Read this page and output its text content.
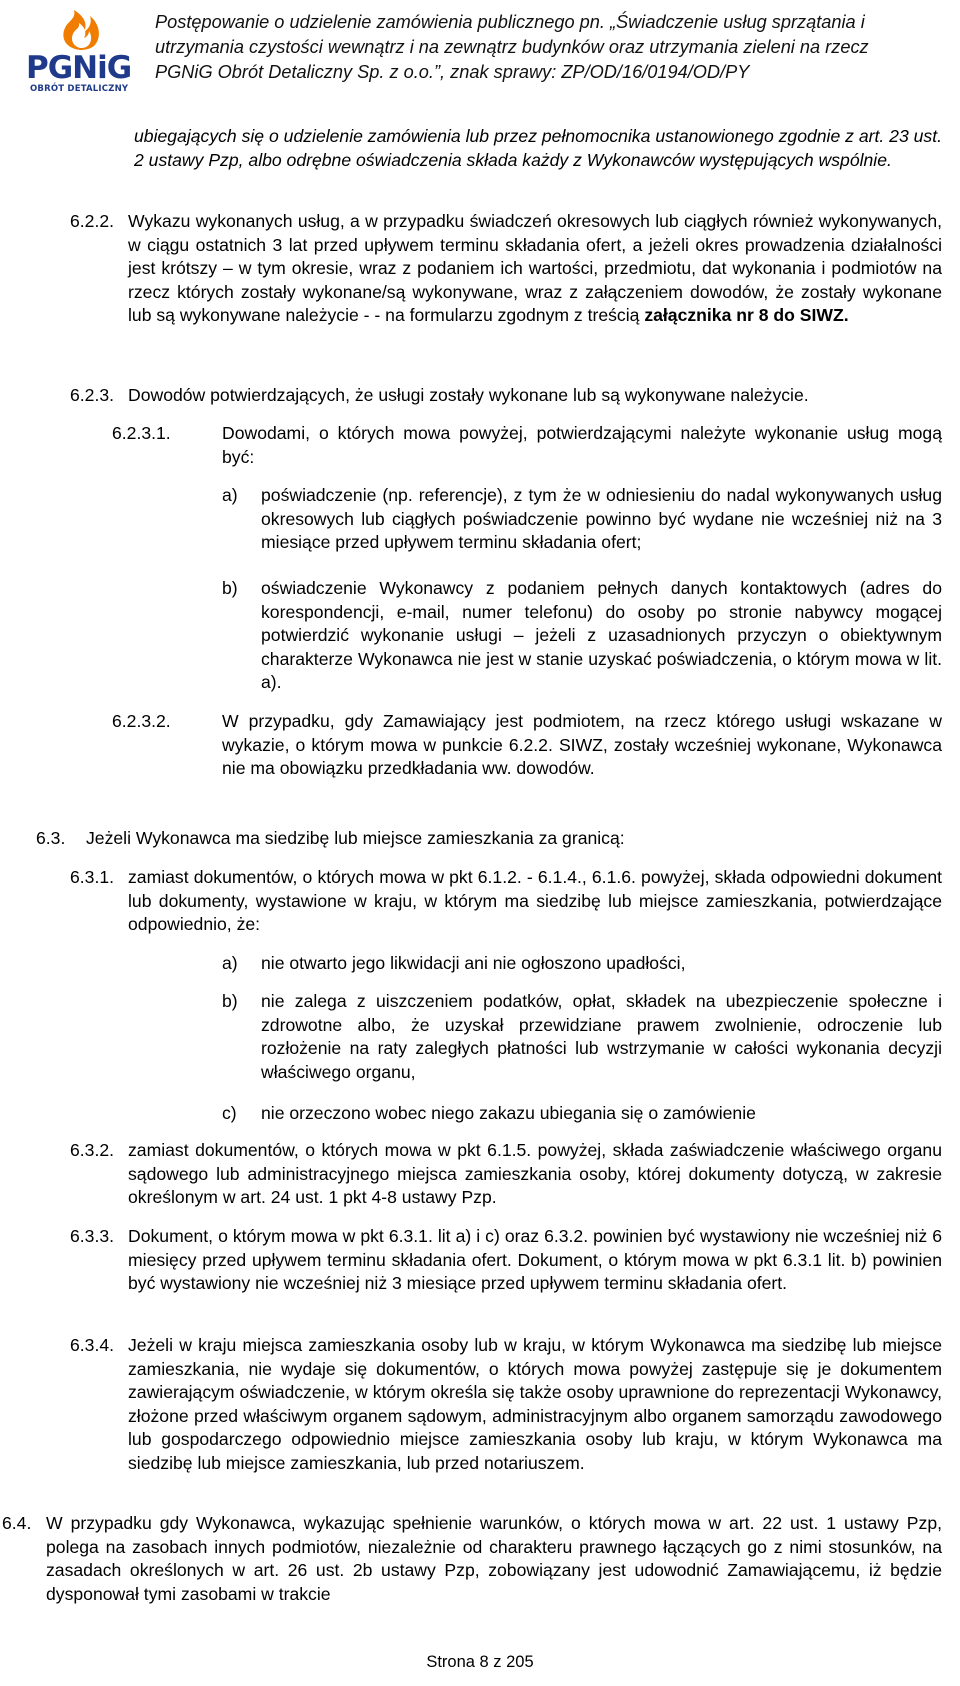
PGNiG
OBRÓT DETALICZNY
Postępowanie o udzielenie zamówienia publicznego pn. „Świadczenie usług sprzątania i
utrzymania czystości wewnątrz i na zewnątrz budynków oraz utrzymania zieleni na rzecz
PGNiG Obrót Detaliczny Sp. z o.o.”, znak sprawy: ZP/OD/16/0194/OD/PY
ubiegających się o udzielenie zamówienia lub przez pełnomocnika ustanowionego zgodnie z art. 23 ust. 2 ustawy Pzp, albo odrębne oświadczenia składa każdy z Wykonawców występujących wspólnie.
6.2.2. Wykazu wykonanych usług, a w przypadku świadczeń okresowych lub ciągłych również wykonywanych, w ciągu ostatnich 3 lat przed upływem terminu składania ofert, a jeżeli okres prowadzenia działalności jest krótszy – w tym okresie, wraz z podaniem ich wartości, przedmiotu, dat wykonania i podmiotów na rzecz których zostały wykonane/są wykonywane, wraz z załączeniem dowodów, że zostały wykonane lub są wykonywane należycie - - na formularzu zgodnym z treścią załącznika nr 8 do SIWZ.
6.2.3. Dowodów potwierdzających, że usługi zostały wykonane lub są wykonywane należycie.
6.2.3.1.	Dowodami, o których mowa powyżej, potwierdzającymi należyte wykonanie usług mogą być:
a) poświadczenie (np. referencje), z tym że w odniesieniu do nadal wykonywanych usług okresowych lub ciągłych poświadczenie powinno być wydane nie wcześniej niż na 3 miesiące przed upływem terminu składania ofert;
b) oświadczenie Wykonawcy z podaniem pełnych danych kontaktowych (adres do korespondencji, e-mail, numer telefonu) do osoby po stronie nabywcy mogącej potwierdzić wykonanie usługi – jeżeli z uzasadnionych przyczyn o obiektywnym charakterze Wykonawca nie jest w stanie uzyskać poświadczenia, o którym mowa w lit. a).
6.2.3.2.	W przypadku, gdy Zamawiający jest podmiotem, na rzecz którego usługi wskazane w wykazie, o którym mowa w punkcie 6.2.2. SIWZ, zostały wcześniej wykonane, Wykonawca nie ma obowiązku przedkładania ww. dowodów.
6.3. Jeżeli Wykonawca ma siedzibę lub miejsce zamieszkania za granicą:
6.3.1. zamiast dokumentów, o których mowa w pkt 6.1.2. - 6.1.4., 6.1.6. powyżej, składa odpowiedni dokument lub dokumenty, wystawione w kraju, w którym ma siedzibę lub miejsce zamieszkania, potwierdzające odpowiednio, że:
a) nie otwarto jego likwidacji ani nie ogłoszono upadłości,
b) nie zalega z uiszczeniem podatków, opłat, składek na ubezpieczenie społeczne i zdrowotne albo, że uzyskał przewidziane prawem zwolnienie, odroczenie lub rozłożenie na raty zaległych płatności lub wstrzymanie w całości wykonania decyzji właściwego organu,
c) nie orzeczono wobec niego zakazu ubiegania się o zamówienie
6.3.2. zamiast dokumentów, o których mowa w pkt 6.1.5. powyżej, składa zaświadczenie właściwego organu sądowego lub administracyjnego miejsca zamieszkania osoby, której dokumenty dotyczą, w zakresie określonym w art. 24 ust. 1 pkt 4-8 ustawy Pzp.
6.3.3. Dokument, o którym mowa w pkt 6.3.1. lit a) i c) oraz 6.3.2. powinien być wystawiony nie wcześniej niż 6 miesięcy przed upływem terminu składania ofert. Dokument, o którym mowa w pkt 6.3.1 lit. b) powinien być wystawiony nie wcześniej niż 3 miesiące przed upływem terminu składania ofert.
6.3.4. Jeżeli w kraju miejsca zamieszkania osoby lub w kraju, w którym Wykonawca ma siedzibę lub miejsce zamieszkania, nie wydaje się dokumentów, o których mowa powyżej zastępuje się je dokumentem zawierającym oświadczenie, w którym określa się także osoby uprawnione do reprezentacji Wykonawcy, złożone przed właściwym organem sądowym, administracyjnym albo organem samorządu zawodowego lub gospodarczego odpowiednio miejsce zamieszkania osoby lub kraju, w którym Wykonawca ma siedzibę lub miejsce zamieszkania, lub przed notariuszem.
6.4. W przypadku gdy Wykonawca, wykazując spełnienie warunków, o których mowa w art. 22 ust. 1 ustawy Pzp, polega na zasobach innych podmiotów, niezależnie od charakteru prawnego łączących go z nimi stosunków, na zasadach określonych w art. 26 ust. 2b ustawy Pzp, zobowiązany jest udowodnić Zamawiającemu, iż będzie dysponował tymi zasobami w trakcie
Strona 8 z 205
